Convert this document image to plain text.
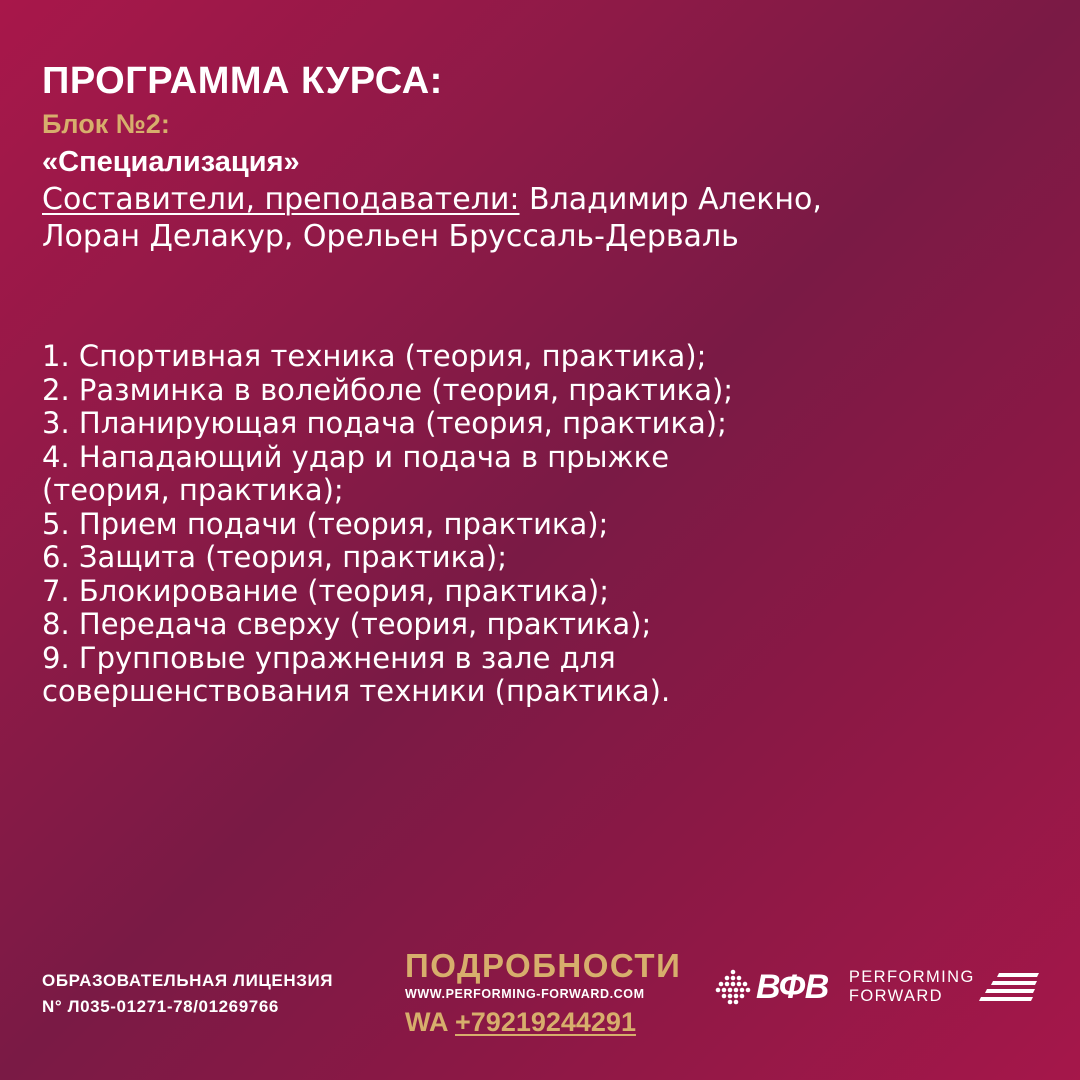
ПРОГРАММА КУРСА:
Блок №2:
«Специализация»
Составители, преподаватели: Владимир Алекно,
Лоран Делакур, Орельен Бруссаль-Дерваль
1. Спортивная техника (теория, практика);
2. Разминка в волейболе (теория, практика);
3. Планирующая подача (теория, практика);
4. Нападающий удар и подача в прыжке
(теория, практика);
5. Прием подачи (теория, практика);
6. Защита (теория, практика);
7. Блокирование (теория, практика);
8. Передача сверху (теория, практика);
9. Групповые упражнения в зале для
совершенствования техники (практика).
ОБРАЗОВАТЕЛЬНАЯ ЛИЦЕНЗИЯ
N° Л035-01271-78/01269766
ПОДРОБНОСТИ
WWW.PERFORMING-FORWARD.COM
WA +79219244291
ВФВ PERFORMING
FORWARD
